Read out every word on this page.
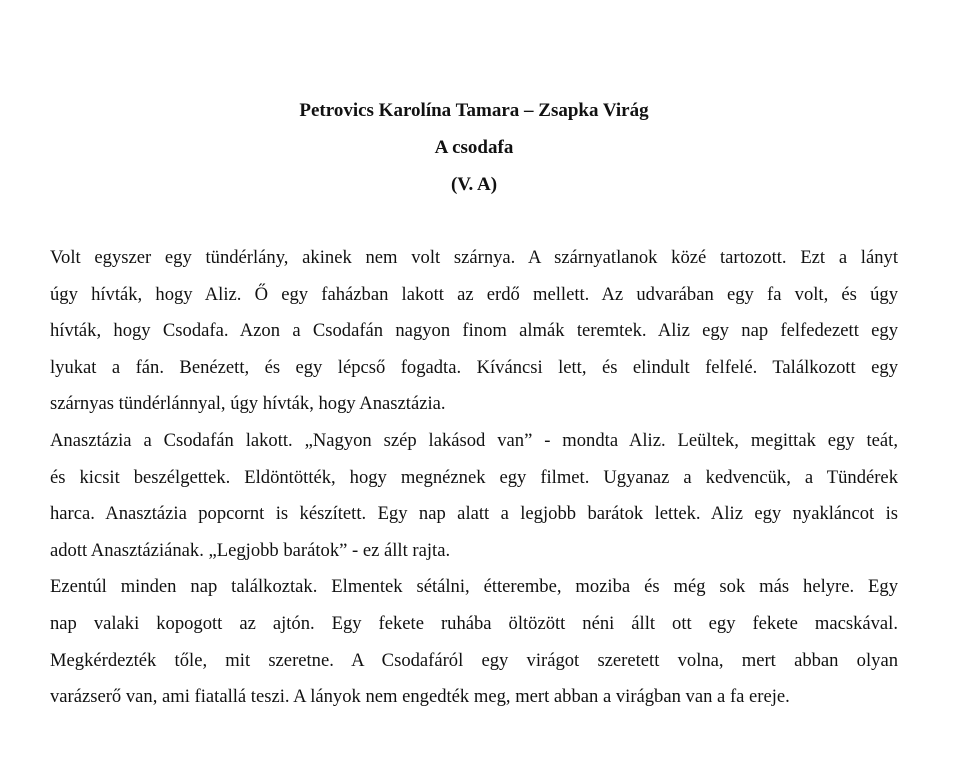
Petrovics Karolína Tamara – Zsapka Virág
A csodafa
(V. A)
Volt egyszer egy tündérlány, akinek nem volt szárnya. A szárnyatlanok közé tartozott. Ezt a lányt
úgy hívták, hogy Aliz. Ő egy faházban lakott az erdő mellett. Az udvarában egy fa volt, és úgy
hívták, hogy Csodafa. Azon a Csodafán nagyon finom almák teremtek. Aliz egy nap felfedezett egy
lyukat a fán. Benézett, és egy lépcső fogadta. Kíváncsi lett, és elindult felfelé. Találkozott egy
szárnyas tündérlánnyal, úgy hívták, hogy Anasztázia.
Anasztázia a Csodafán lakott. „Nagyon szép lakásod van” - mondta Aliz. Leültek, megittak egy teát,
és kicsit beszélgettek. Eldöntötték, hogy megnéznek egy filmet. Ugyanaz a kedvencük, a Tündérek
harca. Anasztázia popcornt is készített. Egy nap alatt a legjobb barátok lettek. Aliz egy nyakláncot is
adott Anasztáziának. „Legjobb barátok” - ez állt rajta.
Ezentúl minden nap találkoztak. Elmentek sétálni, étterembe, moziba és még sok más helyre. Egy
nap valaki kopogott az ajtón. Egy fekete ruhába öltözött néni állt ott egy fekete macskával.
Megkérdezték tőle, mit szeretne. A Csodafáról egy virágot szeretett volna, mert abban olyan
varázserő van, ami fiatallá teszi. A lányok nem engedték meg, mert abban a virágban van a fa ereje.
